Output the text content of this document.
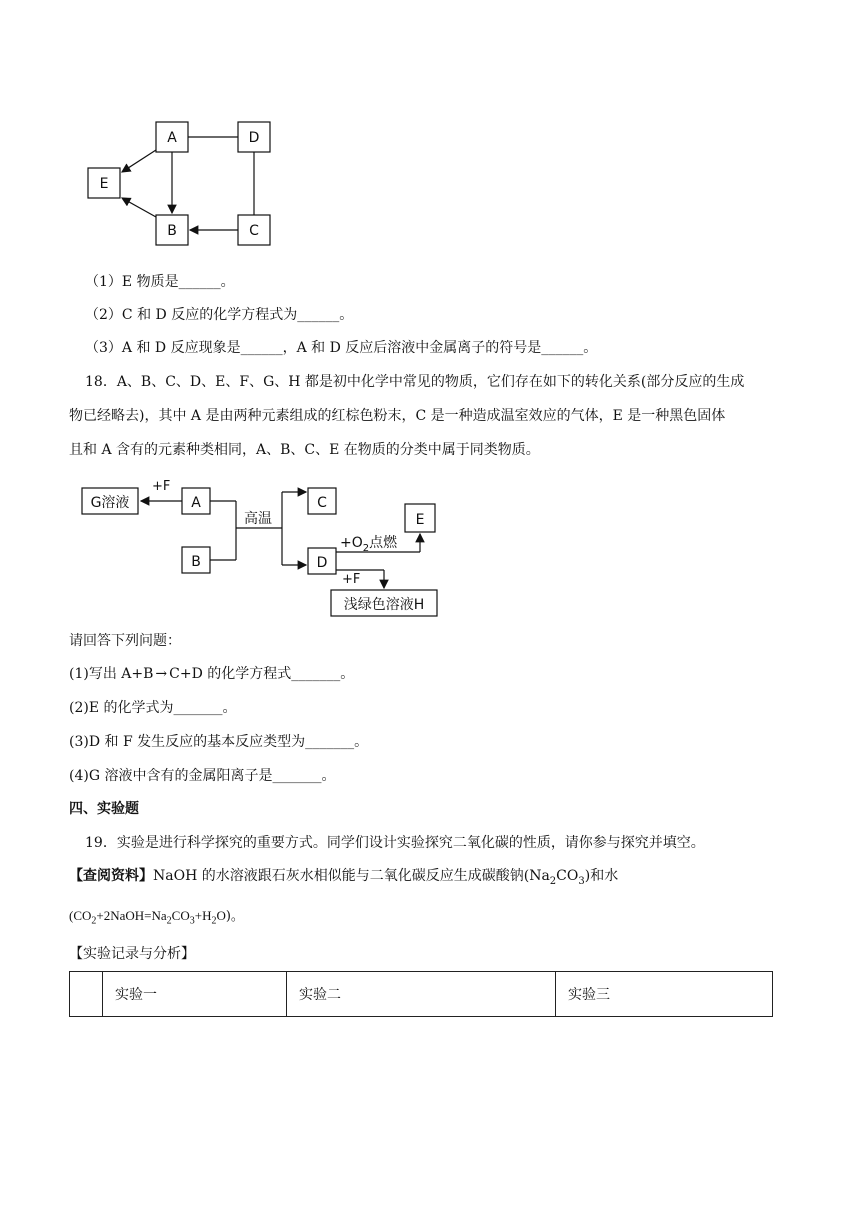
A	D
E
B	C
（1）E 物质是______。
（2）C 和 D 反应的化学方程式为______。
（3）A 和 D 反应现象是______，A 和 D 反应后溶液中金属离子的符号是______。
18．A、B、C、D、E、F、G、H 都是初中化学中常见的物质，它们存在如下的转化关系(部分反应的生成
物已经略去)，其中 A 是由两种元素组成的红棕色粉末，C 是一种造成温室效应的气体，E 是一种黑色固体
且和 A 含有的元素种类相同，A、B、C、E 在物质的分类中属于同类物质。
G溶液	A
+F
B
高温
C
D
$+O_2$点燃
E
+F
浅绿色溶液H
请回答下列问题：
(1)写出 A+B → C+D 的化学方程式_______。
(2)E 的化学式为_______。
(3)D 和 F 发生反应的基本反应类型为_______。
(4)G 溶液中含有的金属阳离子是_______。
四、实验题
19．实验是进行科学探究的重要方式。同学们设计实验探究二氧化碳的性质，请你参与探究并填空。
【查阅资料】NaOH 的水溶液跟石灰水相似能与二氧化碳反应生成碳酸钠$(Na_2CO_3)$和水
$(CO_2+2NaOH=Na_2CO_3+H_2O)$。
【实验记录与分析】
	实验一	实验二	实验三
